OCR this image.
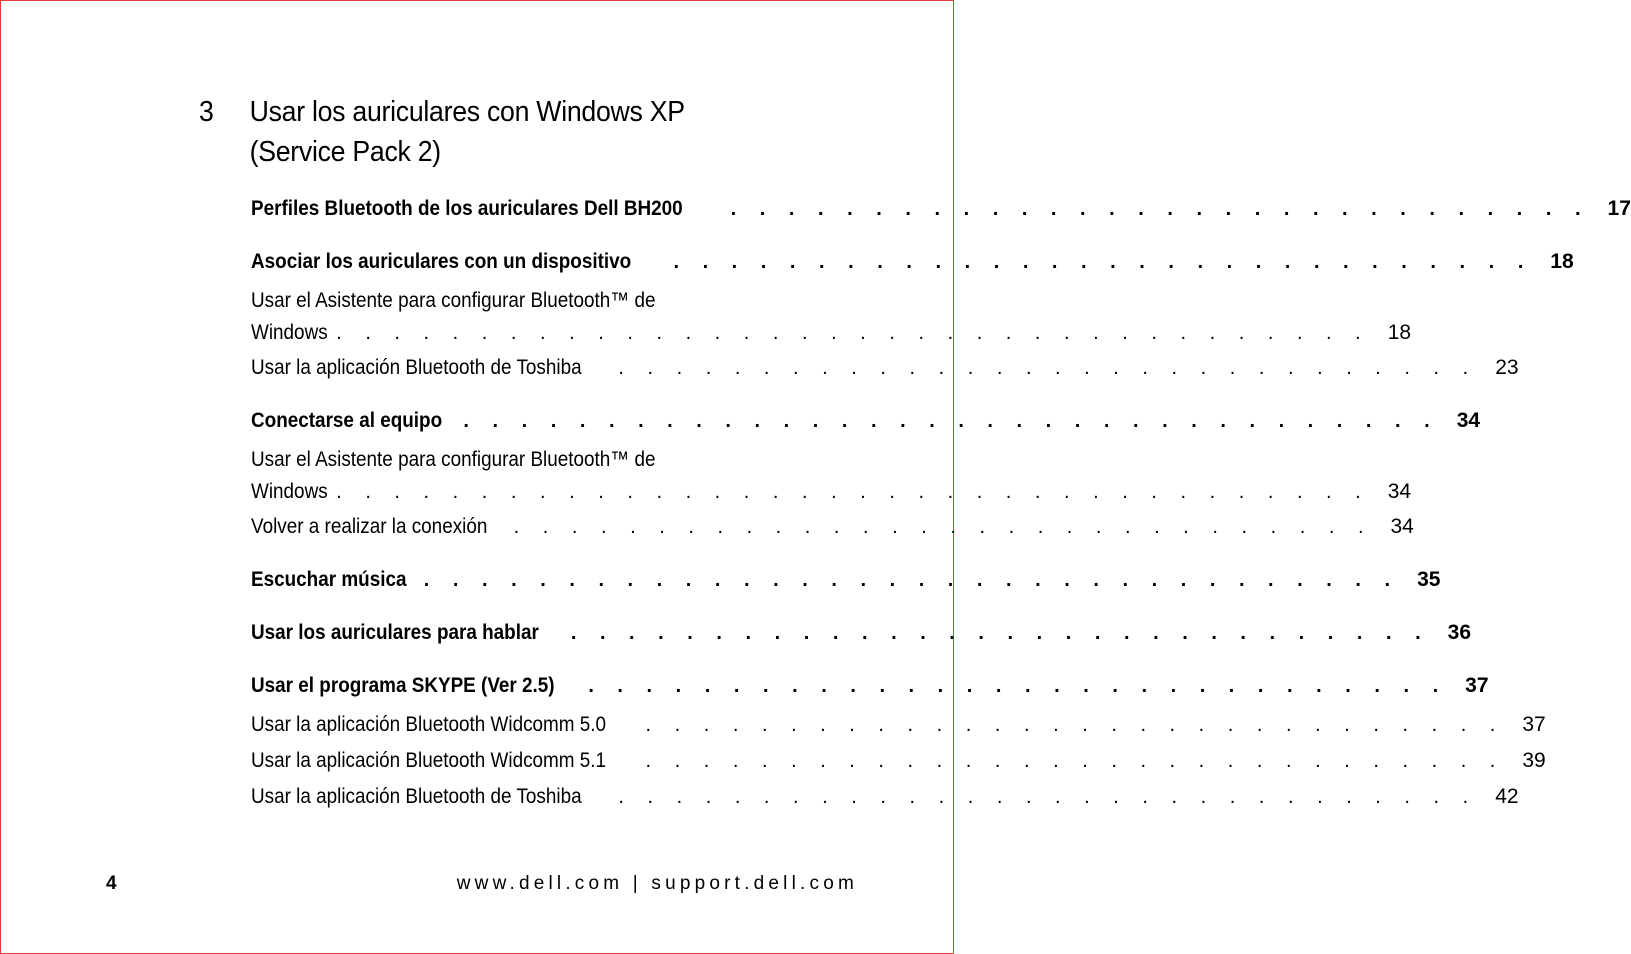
3	Usar los auriculares con Windows XP (Service Pack 2)
Perfiles Bluetooth de los auriculares Dell BH200 . . . . . . . . . . . . . . . . . . . . . . . . . . . . . . 17
Asociar los auriculares con un dispositivo . . . . . . . . . . . . . . . . . . . . . . . . . . . . . . 18
Usar el Asistente para configurar Bluetooth™ de
Windows . . . . . . . . . . . . . . . . . . . . . . . . . . . . . . . . . . . . 18
Usar la aplicación Bluetooth de Toshiba . . . . . . . . . . . . . . . . . . . . . . . . . . . . . . 23
Conectarse al equipo . . . . . . . . . . . . . . . . . . . . . . . . . . . . . . . . . . 34
Usar el Asistente para configurar Bluetooth™ de
Windows . . . . . . . . . . . . . . . . . . . . . . . . . . . . . . . . . . . . 34
Volver a realizar la conexión . . . . . . . . . . . . . . . . . . . . . . . . . . . . . . 34
Escuchar música . . . . . . . . . . . . . . . . . . . . . . . . . . . . . . . . . . 35
Usar los auriculares para hablar . . . . . . . . . . . . . . . . . . . . . . . . . . . . . . 36
Usar el programa SKYPE (Ver 2.5) . . . . . . . . . . . . . . . . . . . . . . . . . . . . . . 37
Usar la aplicación Bluetooth Widcomm 5.0 . . . . . . . . . . . . . . . . . . . . . . . . . . . . . . 37
Usar la aplicación Bluetooth Widcomm 5.1 . . . . . . . . . . . . . . . . . . . . . . . . . . . . . . 39
Usar la aplicación Bluetooth de Toshiba . . . . . . . . . . . . . . . . . . . . . . . . . . . . . . 42
4	www.dell.com | support.dell.com
